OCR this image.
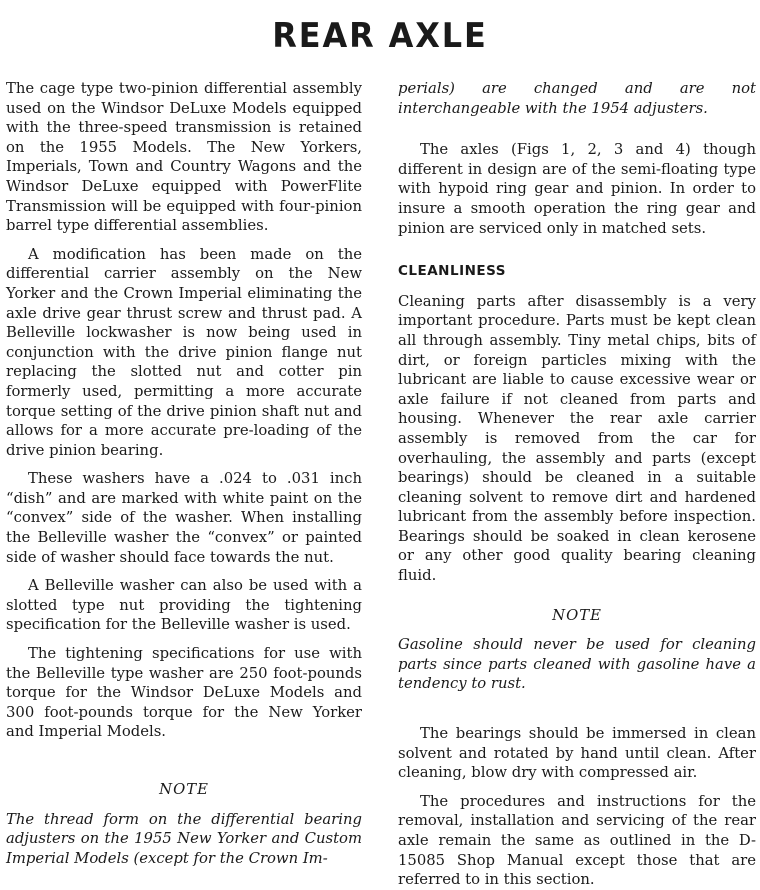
REAR AXLE

The cage type two-pinion differential assembly used on the Windsor DeLuxe Models equipped with the three-speed transmission is retained on the 1955 Models. The New Yorkers, Imperials, Town and Country Wagons and the Windsor DeLuxe equipped with PowerFlite Transmission will be equipped with four-pinion barrel type differential assemblies.

A modification has been made on the differential carrier assembly on the New Yorker and the Crown Imperial eliminating the axle drive gear thrust screw and thrust pad. A Belleville lockwasher is now being used in conjunction with the drive pinion flange nut replacing the slotted nut and cotter pin formerly used, permitting a more accurate torque setting of the drive pinion shaft nut and allows for a more accurate pre-loading of the drive pinion bearing.

These washers have a .024 to .031 inch “dish” and are marked with white paint on the “convex” side of the washer. When installing the Belleville washer the “convex” or painted side of washer should face towards the nut.

A Belleville washer can also be used with a slotted type nut providing the tightening specification for the Belleville washer is used.

The tightening specifications for use with the Belleville type washer are 250 foot-pounds torque for the Windsor DeLuxe Models and 300 foot-pounds torque for the New Yorker and Imperial Models.

NOTE

The thread form on the differential bearing adjusters on the 1955 New Yorker and Custom Imperial Models (except for the Crown Im-

perials) are changed and are not interchangeable with the 1954 adjusters.

The axles (Figs 1, 2, 3 and 4) though different in design are of the semi-floating type with hypoid ring gear and pinion. In order to insure a smooth operation the ring gear and pinion are serviced only in matched sets.

CLEANLINESS

Cleaning parts after disassembly is a very important procedure. Parts must be kept clean all through assembly. Tiny metal chips, bits of dirt, or foreign particles mixing with the lubricant are liable to cause excessive wear or axle failure if not cleaned from parts and housing. Whenever the rear axle carrier assembly is removed from the car for overhauling, the assembly and parts (except bearings) should be cleaned in a suitable cleaning solvent to remove dirt and hardened lubricant from the assembly before inspection. Bearings should be soaked in clean kerosene or any other good quality bearing cleaning fluid.

NOTE

Gasoline should never be used for cleaning parts since parts cleaned with gasoline have a tendency to rust.

The bearings should be immersed in clean solvent and rotated by hand until clean. After cleaning, blow dry with compressed air.

The procedures and instructions for the removal, installation and servicing of the rear axle remain the same as outlined in the D-15085 Shop Manual except those that are referred to in this section.
